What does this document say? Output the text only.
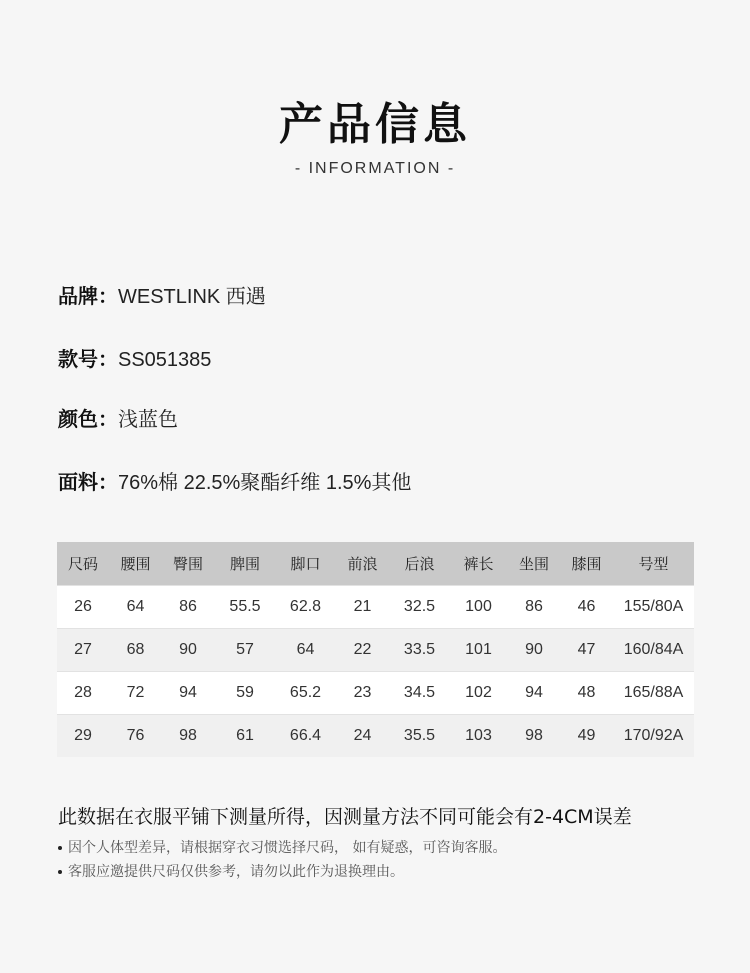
产品信息
- INFORMATION -
品牌：WESTLINK 西遇
款号：SS051385
颜色：浅蓝色
面料：76%棉 22.5%聚酯纤维 1.5%其他
尺码	腰围	臀围	脾围	脚口	前浪	后浪	裤长	坐围	膝围	号型
26	64	86	55.5	62.8	21	32.5	100	86	46	155/80A
27	68	90	57	64	22	33.5	101	90	47	160/84A
28	72	94	59	65.2	23	34.5	102	94	48	165/88A
29	76	98	61	66.4	24	35.5	103	98	49	170/92A
此数据在衣服平铺下测量所得，因测量方法不同可能会有2-4CM误差
因个人体型差异，请根据穿衣习惯选择尺码， 如有疑惑，可咨询客服。
客服应邀提供尺码仅供参考，请勿以此作为退换理由。
